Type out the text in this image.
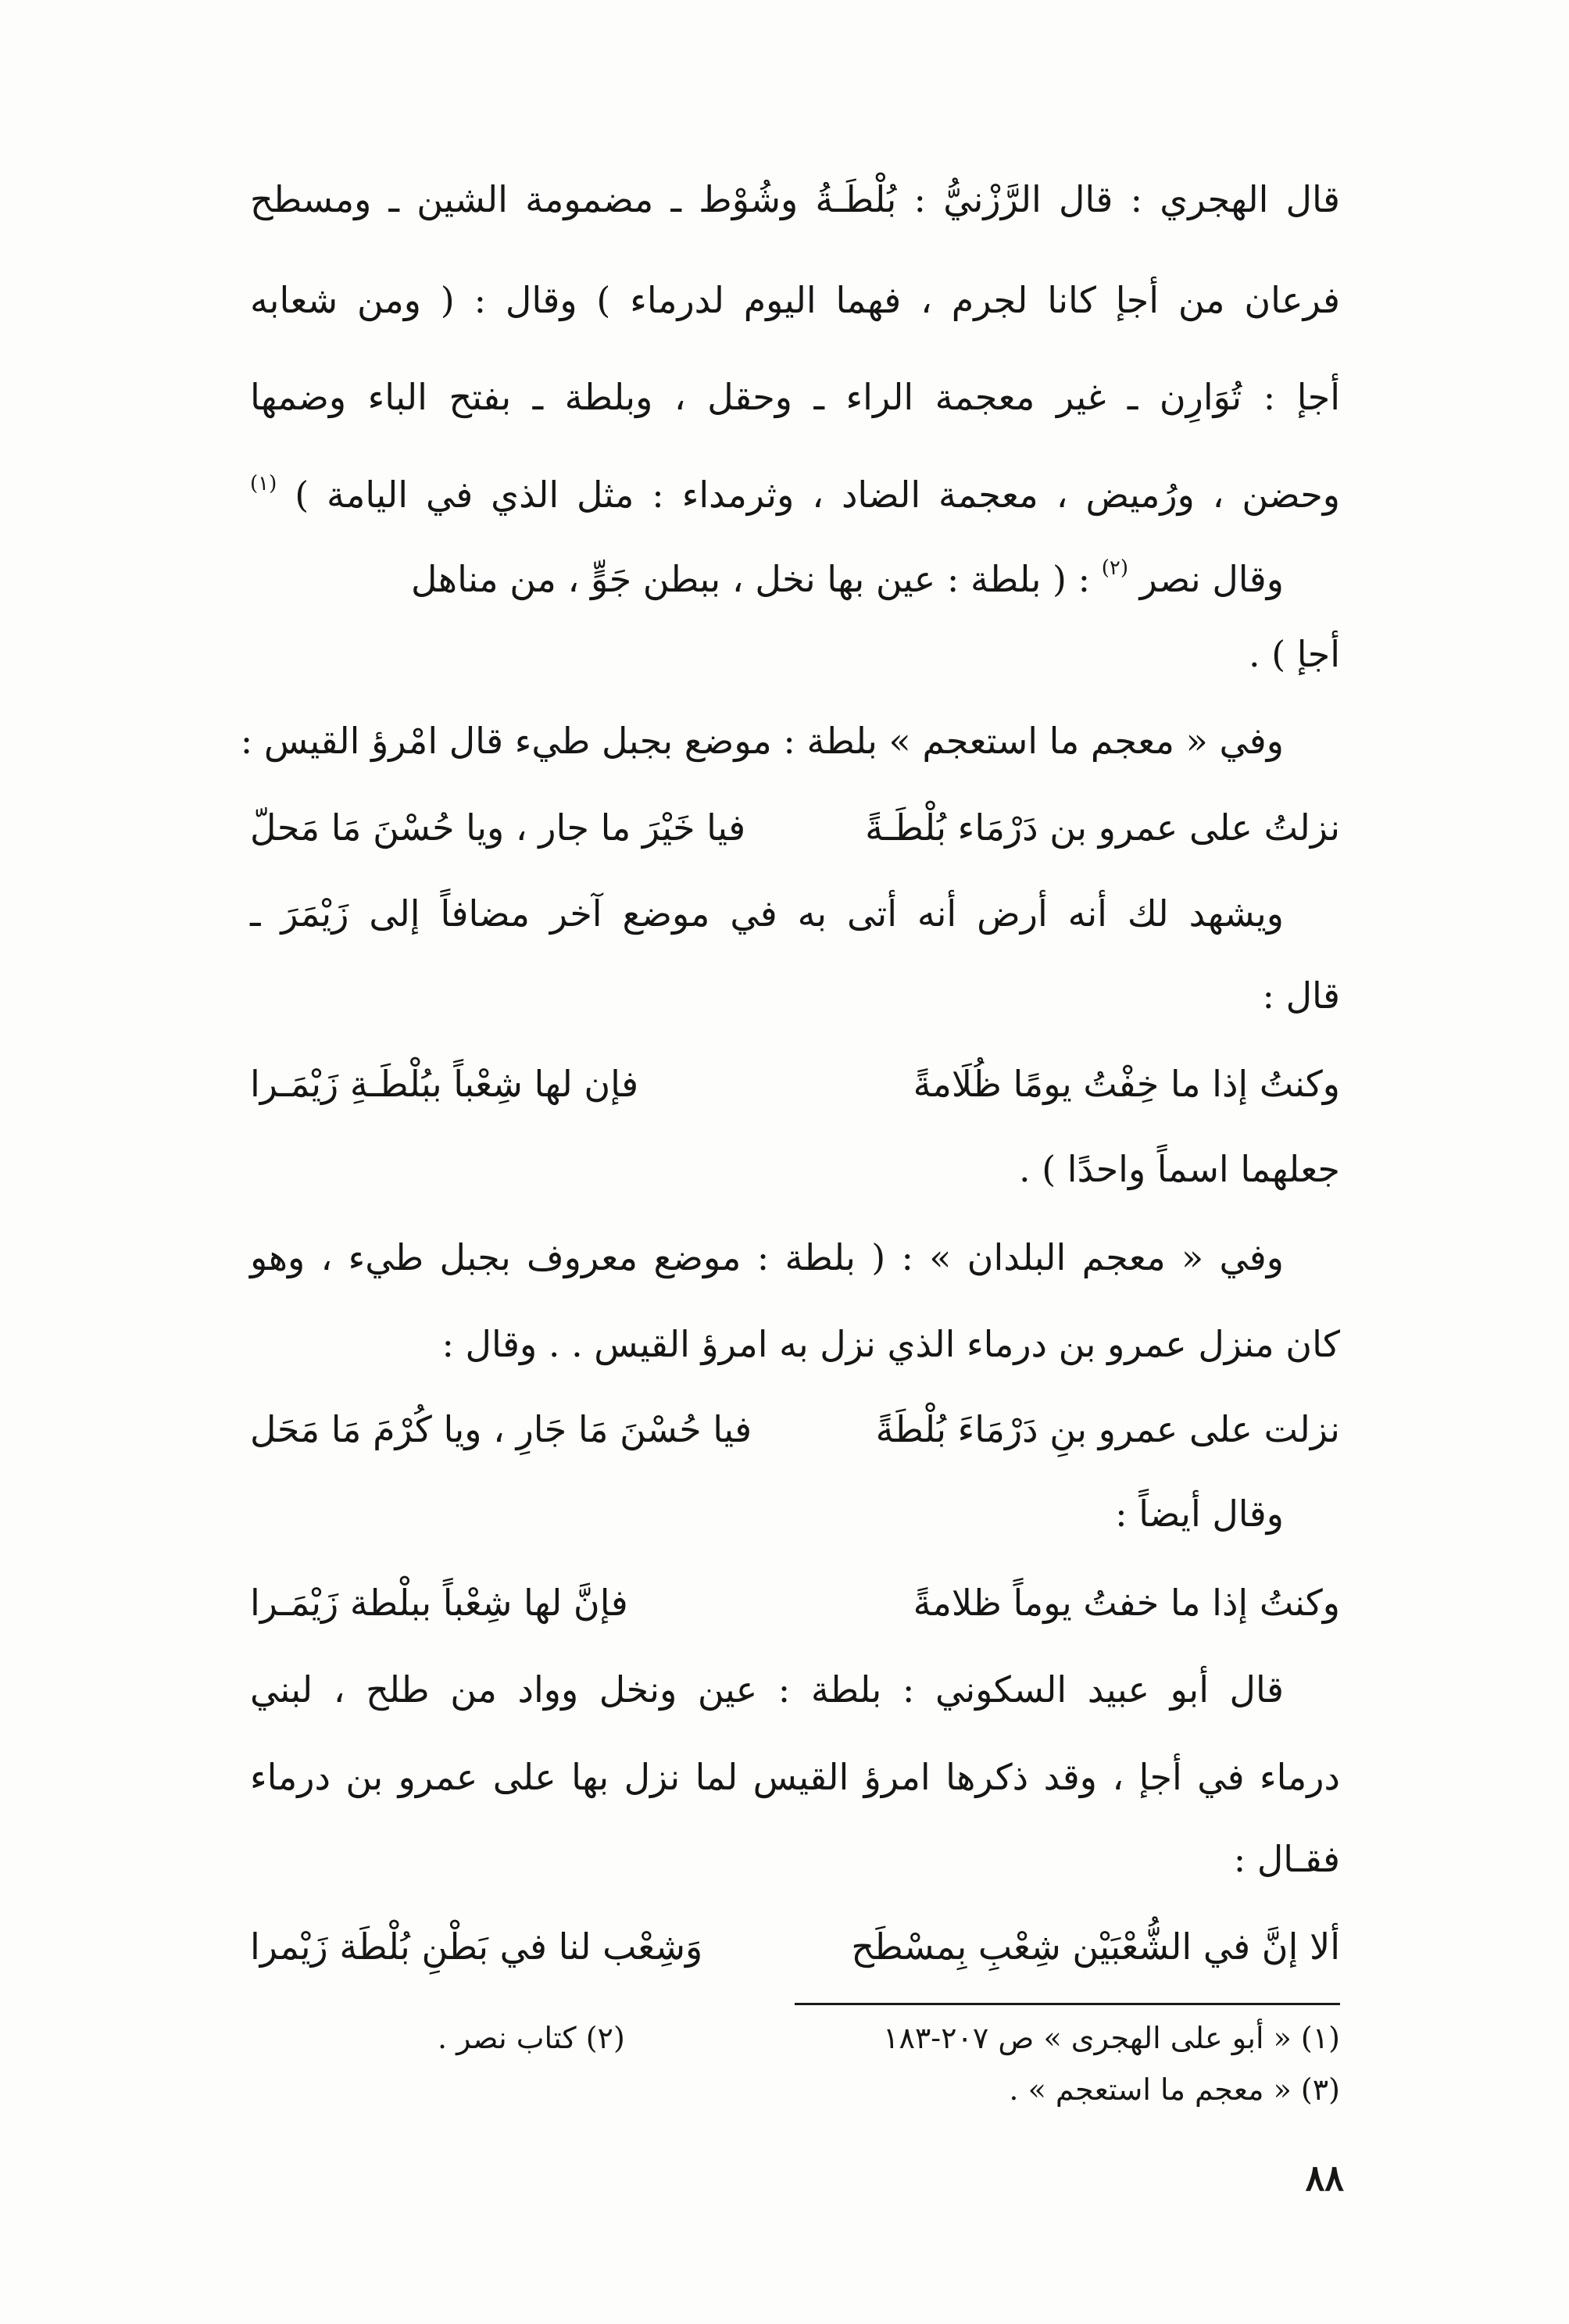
قال الهجري : قال الرَّزْنيُّ : بُلْطَـةُ وشُوْط ـ مضمومة الشين ـ ومسطح
فرعان من أجإ كانا لجرم ، فهما اليوم لدرماء ) وقال : ( ومن شعابه
أجإ : تُوَارِن ـ غير معجمة الراء ـ وحقل ، وبلطة ـ بفتح الباء وضمها
وحضن ، ورُميض ، معجمة الضاد ، وثرمداء : مثل الذي في اليامة ) $^{(١)}$
وقال نصر $^{(٢)}$ : ( بلطة : عين بها نخل ، ببطن جَوٍّ ، من مناهل
أجإ ) .
وفي « معجم ما استعجم » بلطة : موضع بجبل طيء قال امْرؤ القيس :
نزلتُ على عمرو بن دَرْمَاء بُلْطَـةً
فيا خَيْرَ ما جار ، ويا حُسْنَ مَا مَحلّ
ويشهد لك أنه أرض أنه أتى به في موضع آخر مضافاً إلى زَيْمَرَ ـ
قال :
وكنتُ إذا ما خِفْتُ يومًا ظُلَامةً
فإن لها شِعْباً ببُلْطَـةِ زَيْمَـرا
جعلهما اسماً واحدًا ) .
وفي « معجم البلدان » : ( بلطة : موضع معروف بجبل طيء ، وهو
كان منزل عمرو بن درماء الذي نزل به امرؤ القيس . . وقال :
نزلت على عمرو بنِ دَرْمَاءَ بُلْطَةً
فيا حُسْنَ مَا جَارِ ، ويا كُرْمَ مَا مَحَل
وقال أيضاً :
وكنتُ إذا ما خفتُ يوماً ظلامةً
فإنَّ لها شِعْباً ببلْطة زَيْمَـرا
قال أبو عبيد السكوني : بلطة : عين ونخل وواد من طلح ، لبني
درماء في أجإ ، وقد ذكرها امرؤ القيس لما نزل بها على عمرو بن درماء
فقـال :
ألا إنَّ في الشُّعْبَيْن شِعْبِ بِمسْطَح
وَشِعْب لنا في بَطْنِ بُلْطَة زَيْمرا
(١) « أبو على الهجرى » ص ٢٠٧-١٨٣
(٢) كتاب نصر .
(٣) « معجم ما استعجم » .
٨٨
